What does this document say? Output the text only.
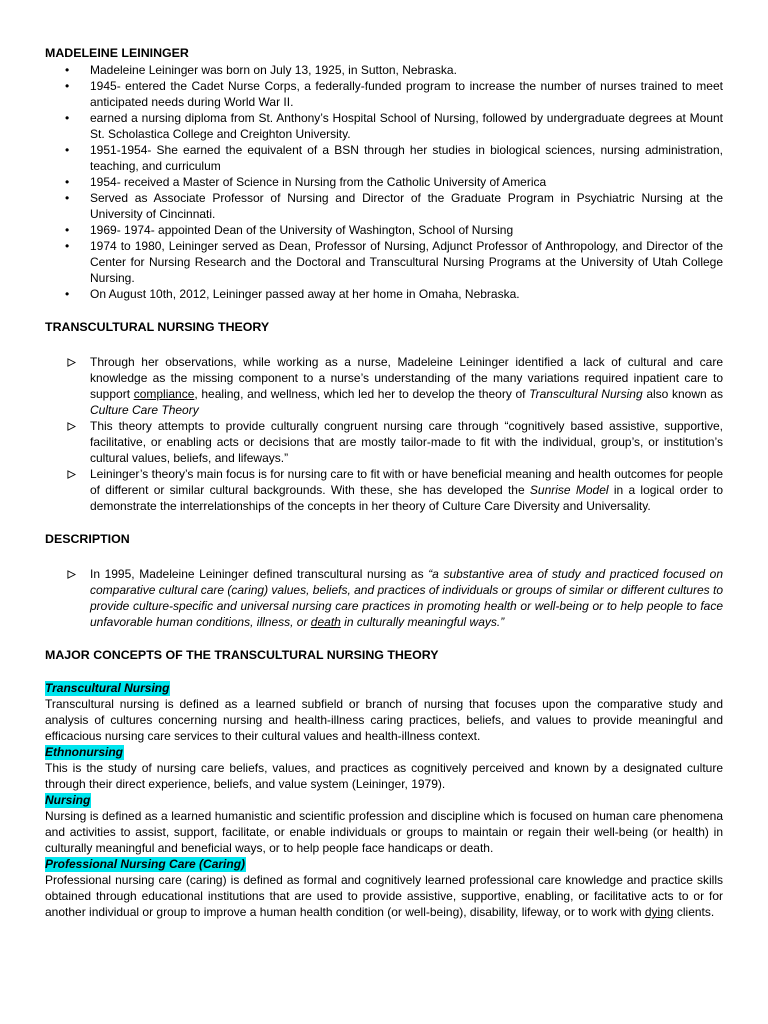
MADELEINE LEININGER
• Madeleine Leininger was born on July 13, 1925, in Sutton, Nebraska.
• 1945- entered the Cadet Nurse Corps, a federally-funded program to increase the number of nurses trained to meet anticipated needs during World War II.
• earned a nursing diploma from St. Anthony’s Hospital School of Nursing, followed by undergraduate degrees at Mount St. Scholastica College and Creighton University.
• 1951-1954- She earned the equivalent of a BSN through her studies in biological sciences, nursing administration, teaching, and curriculum
• 1954- received a Master of Science in Nursing from the Catholic University of America
• Served as Associate Professor of Nursing and Director of the Graduate Program in Psychiatric Nursing at the University of Cincinnati.
• 1969- 1974- appointed Dean of the University of Washington, School of Nursing
• 1974 to 1980, Leininger served as Dean, Professor of Nursing, Adjunct Professor of Anthropology, and Director of the Center for Nursing Research and the Doctoral and Transcultural Nursing Programs at the University of Utah College Nursing.
• On August 10th, 2012, Leininger passed away at her home in Omaha, Nebraska.
TRANSCULTURAL NURSING THEORY
Through her observations, while working as a nurse, Madeleine Leininger identified a lack of cultural and care knowledge as the missing component to a nurse’s understanding of the many variations required inpatient care to support compliance, healing, and wellness, which led her to develop the theory of Transcultural Nursing also known as Culture Care Theory
This theory attempts to provide culturally congruent nursing care through “cognitively based assistive, supportive, facilitative, or enabling acts or decisions that are mostly tailor-made to fit with the individual, group’s, or institution’s cultural values, beliefs, and lifeways.”
Leininger’s theory’s main focus is for nursing care to fit with or have beneficial meaning and health outcomes for people of different or similar cultural backgrounds. With these, she has developed the Sunrise Model in a logical order to demonstrate the interrelationships of the concepts in her theory of Culture Care Diversity and Universality.
DESCRIPTION
In 1995, Madeleine Leininger defined transcultural nursing as “a substantive area of study and practiced focused on comparative cultural care (caring) values, beliefs, and practices of individuals or groups of similar or different cultures to provide culture-specific and universal nursing care practices in promoting health or well-being or to help people to face unfavorable human conditions, illness, or death in culturally meaningful ways.”
MAJOR CONCEPTS OF THE TRANSCULTURAL NURSING THEORY
Transcultural Nursing
Transcultural nursing is defined as a learned subfield or branch of nursing that focuses upon the comparative study and analysis of cultures concerning nursing and health-illness caring practices, beliefs, and values to provide meaningful and efficacious nursing care services to their cultural values and health-illness context.
Ethnonursing
This is the study of nursing care beliefs, values, and practices as cognitively perceived and known by a designated culture through their direct experience, beliefs, and value system (Leininger, 1979).
Nursing
Nursing is defined as a learned humanistic and scientific profession and discipline which is focused on human care phenomena and activities to assist, support, facilitate, or enable individuals or groups to maintain or regain their well-being (or health) in culturally meaningful and beneficial ways, or to help people face handicaps or death.
Professional Nursing Care (Caring)
Professional nursing care (caring) is defined as formal and cognitively learned professional care knowledge and practice skills obtained through educational institutions that are used to provide assistive, supportive, enabling, or facilitative acts to or for another individual or group to improve a human health condition (or well-being), disability, lifeway, or to work with dying clients.
